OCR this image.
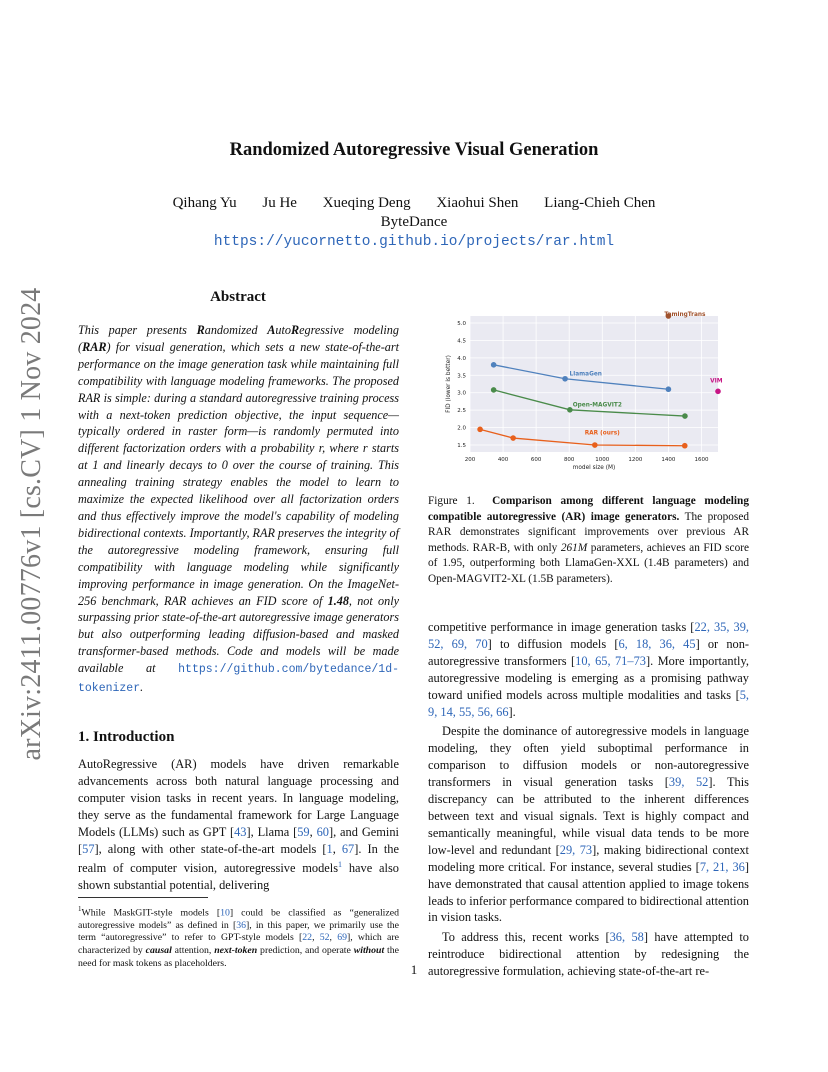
Randomized Autoregressive Visual Generation
Qihang Yu Ju He Xueqing Deng Xiaohui Shen Liang-Chieh Chen
ByteDance
https://yucornetto.github.io/projects/rar.html
arXiv:2411.00776v1 [cs.CV] 1 Nov 2024	Abstract
This paper presents Randomized AutoRegressive modeling (RAR) for visual generation, which sets a new state-of-the-art performance on the image generation task while maintaining full compatibility with language modeling frameworks. The proposed RAR is simple: during a standard autoregressive training process with a next-token prediction objective, the input sequence—typically ordered in raster form—is randomly permuted into different factorization orders with a probability r, where r starts at 1 and linearly decays to 0 over the course of training. This annealing training strategy enables the model to learn to maximize the expected likelihood over all factorization orders and thus effectively improve the model's capability of modeling bidirectional contexts. Importantly, RAR preserves the integrity of the autoregressive modeling framework, ensuring full compatibility with language modeling while significantly improving performance in image generation. On the ImageNet-256 benchmark, RAR achieves an FID score of 1.48, not only surpassing prior state-of-the-art autoregressive image generators but also outperforming leading diffusion-based and masked transformer-based methods. Code and models will be made available at https://github.com/bytedance/1d-tokenizer.
1. Introduction
AutoRegressive (AR) models have driven remarkable advancements across both natural language processing and computer vision tasks in recent years. In language modeling, they serve as the fundamental framework for Large Language Models (LLMs) such as GPT [43], Llama [59, 60], and Gemini [57], along with other state-of-the-art models [1, 67]. In the realm of computer vision, autoregressive models$^1$ have also shown substantial potential, delivering
$^1$While MaskGIT-style models [10] could be classified as “generalized autoregressive models” as defined in [36], in this paper, we primarily use the term “autoregressive” to refer to GPT-style models [22, 52, 69], which are characterized by causal attention, next-token prediction, and operate without the need for mask tokens as placeholders.
1.5
2.0
2.5
3.0
3.5
4.0
4.5
5.0
200	400	600	800	1000	1200	1400	1600
model size (M)
FID (lower is better)
TamingTrans
LlamaGen
Open-MAGVIT2
VIM
RAR (ours)
Figure 1. Comparison among different language modeling compatible autoregressive (AR) image generators. The proposed RAR demonstrates significant improvements over previous AR methods. RAR-B, with only 261M parameters, achieves an FID score of 1.95, outperforming both LlamaGen-XXL (1.4B parameters) and Open-MAGVIT2-XL (1.5B parameters).

competitive performance in image generation tasks [22, 35, 39, 52, 69, 70] to diffusion models [6, 18, 36, 45] or non-autoregressive transformers [10, 65, 71–73]. More importantly, autoregressive modeling is emerging as a promising pathway toward unified models across multiple modalities and tasks [5, 9, 14, 55, 56, 66].

Despite the dominance of autoregressive models in language modeling, they often yield suboptimal performance in comparison to diffusion models or non-autoregressive transformers in visual generation tasks [39, 52]. This discrepancy can be attributed to the inherent differences between text and visual signals. Text is highly compact and semantically meaningful, while visual data tends to be more low-level and redundant [29, 73], making bidirectional context modeling more critical. For instance, several studies [7, 21, 36] have demonstrated that causal attention applied to image tokens leads to inferior performance compared to bidirectional attention in vision tasks.

To address this, recent works [36, 58] have attempted to reintroduce bidirectional attention by redesigning the autoregressive formulation, achieving state-of-the-art re-

1
